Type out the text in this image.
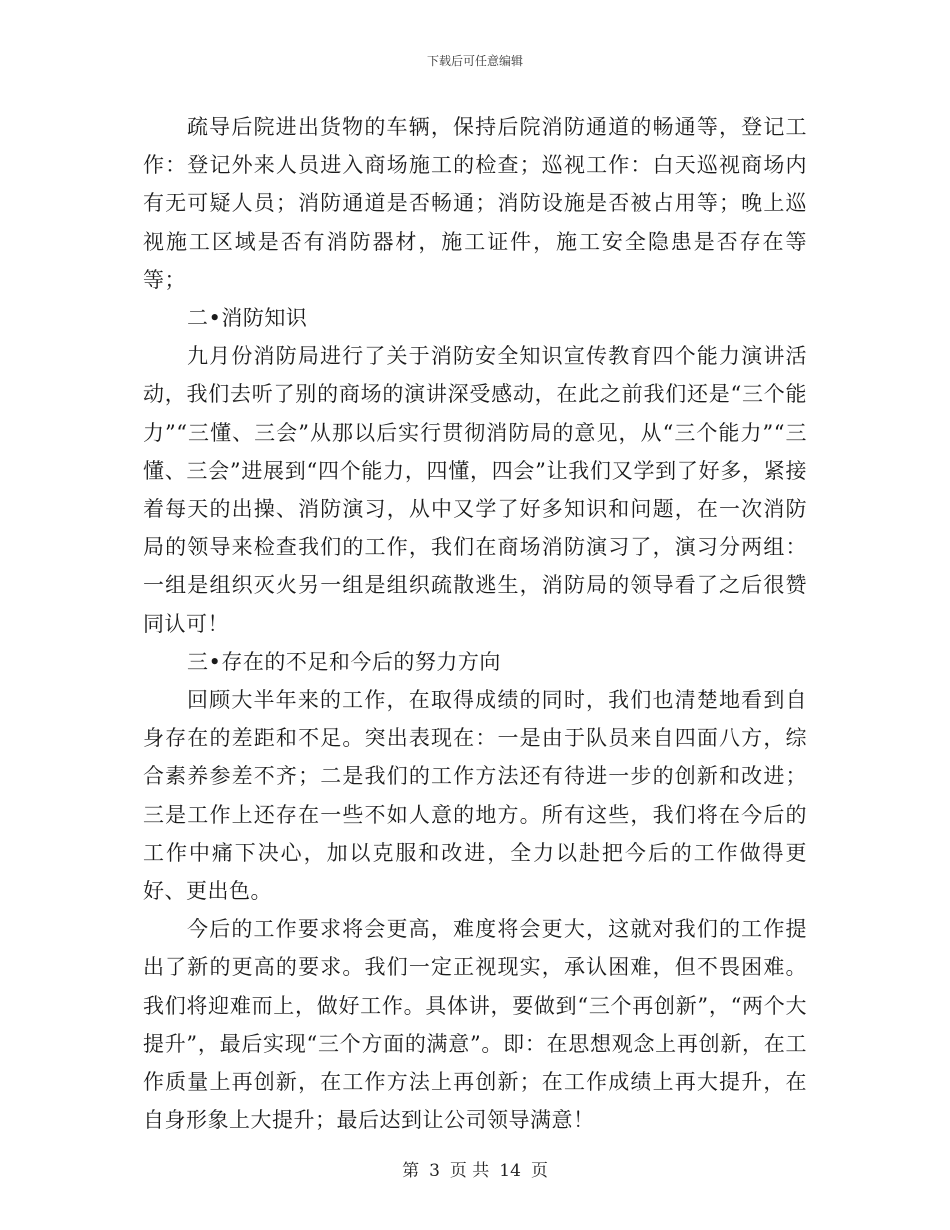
下载后可任意编辑

疏导后院进出货物的车辆，保持后院消防通道的畅通等，登记工作：登记外来人员进入商场施工的检查；巡视工作：白天巡视商场内有无可疑人员；消防通道是否畅通；消防设施是否被占用等；晚上巡视施工区域是否有消防器材，施工证件，施工安全隐患是否存在等等；

二•消防知识

九月份消防局进行了关于消防安全知识宣传教育四个能力演讲活动，我们去听了别的商场的演讲深受感动，在此之前我们还是“三个能力”“三懂、三会”从那以后实行贯彻消防局的意见，从“三个能力”“三懂、三会”进展到“四个能力，四懂，四会”让我们又学到了好多，紧接着每天的出操、消防演习，从中又学了好多知识和问题，在一次消防局的领导来检查我们的工作，我们在商场消防演习了，演习分两组：一组是组织灭火另一组是组织疏散逃生，消防局的领导看了之后很赞同认可！

三•存在的不足和今后的努力方向

回顾大半年来的工作，在取得成绩的同时，我们也清楚地看到自身存在的差距和不足。突出表现在：一是由于队员来自四面八方，综合素养参差不齐；二是我们的工作方法还有待进一步的创新和改进；三是工作上还存在一些不如人意的地方。所有这些，我们将在今后的工作中痛下决心，加以克服和改进，全力以赴把今后的工作做得更好、更出色。

今后的工作要求将会更高，难度将会更大，这就对我们的工作提出了新的更高的要求。我们一定正视现实，承认困难，但不畏困难。我们将迎难而上，做好工作。具体讲，要做到“三个再创新”，“两个大提升”，最后实现“三个方面的满意”。即：在思想观念上再创新，在工作质量上再创新，在工作方法上再创新；在工作成绩上再大提升，在自身形象上大提升；最后达到让公司领导满意！

第 3 页 共 14 页
